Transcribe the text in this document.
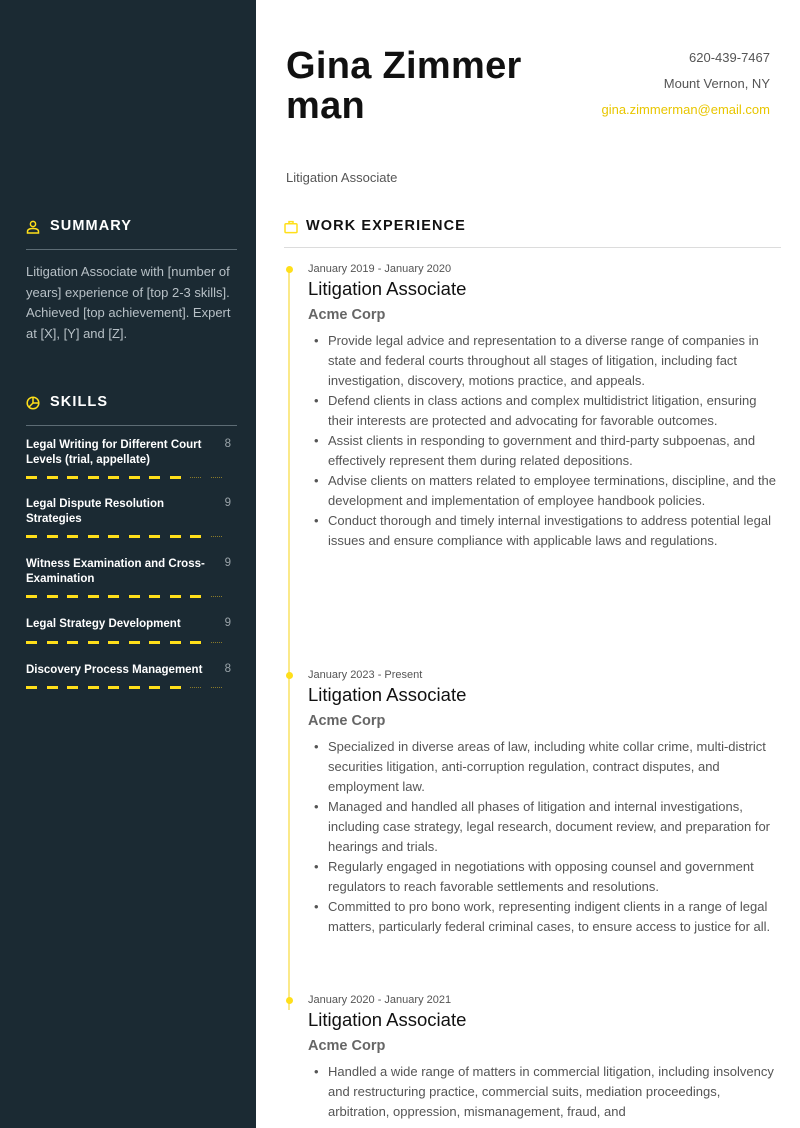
SUMMARY
Litigation Associate with [number of years] experience of [top 2-3 skills]. Achieved [top achievement]. Expert at [X], [Y] and [Z].
SKILLS
Legal Writing for Different Court Levels (trial, appellate)
8
Legal Dispute Resolution Strategies
9
Witness Examination and Cross-Examination
9
Legal Strategy Development	9
Discovery Process Management	8
Gina Zimmerman
Litigation Associate
620-439-7467
Mount Vernon, NY
gina.zimmerman@email.com
WORK EXPERIENCE
January 2019 - January 2020
Litigation Associate
Acme Corp
• Provide legal advice and representation to a diverse range of companies in state and federal courts throughout all stages of litigation, including fact investigation, discovery, motions practice, and appeals.
• Defend clients in class actions and complex multidistrict litigation, ensuring their interests are protected and advocating for favorable outcomes.
• Assist clients in responding to government and third-party subpoenas, and effectively represent them during related depositions.
• Advise clients on matters related to employee terminations, discipline, and the development and implementation of employee handbook policies.
• Conduct thorough and timely internal investigations to address potential legal issues and ensure compliance with applicable laws and regulations.
January 2023 - Present
Litigation Associate
Acme Corp
• Specialized in diverse areas of law, including white collar crime, multi-district securities litigation, anti-corruption regulation, contract disputes, and employment law.
• Managed and handled all phases of litigation and internal investigations, including case strategy, legal research, document review, and preparation for hearings and trials.
• Regularly engaged in negotiations with opposing counsel and government regulators to reach favorable settlements and resolutions.
• Committed to pro bono work, representing indigent clients in a range of legal matters, particularly federal criminal cases, to ensure access to justice for all.
January 2020 - January 2021
Litigation Associate
Acme Corp
• Handled a wide range of matters in commercial litigation, including insolvency and restructuring practice, commercial suits, mediation proceedings, arbitration, oppression, mismanagement, fraud, and
